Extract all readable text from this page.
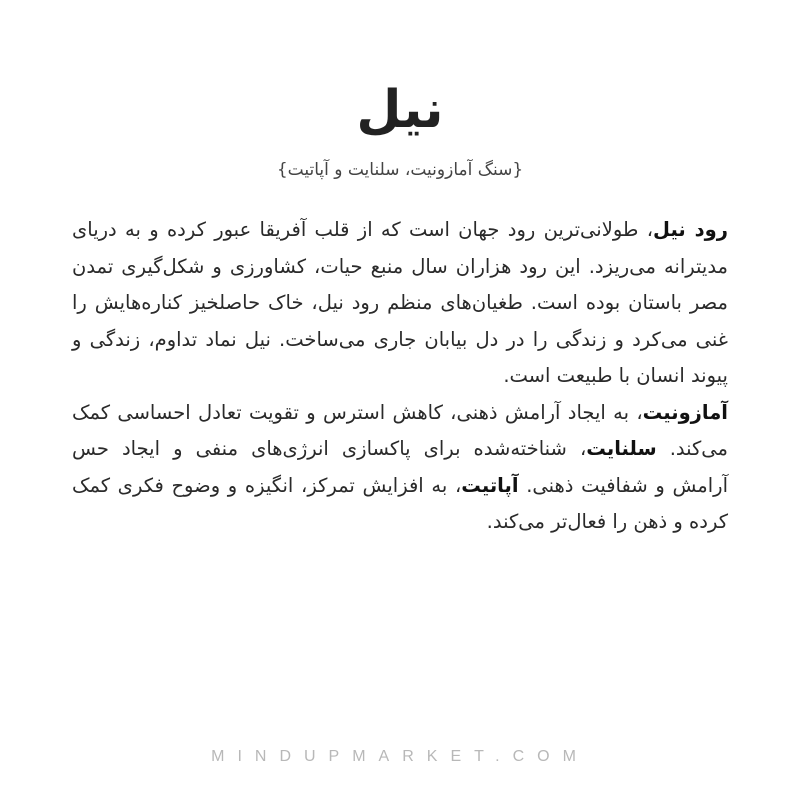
نیل
{سنگ آمازونیت، سلنایت و آپاتیت}

رود نیل، طولانی‌ترین رود جهان است که از قلب آفریقا عبور کرده و به دریای مدیترانه می‌ریزد. این رود هزاران سال منبع حیات، کشاورزی و شکل‌گیری تمدن مصر باستان بوده است. طغیان‌های منظم رود نیل، خاک حاصلخیز کناره‌هایش را غنی می‌کرد و زندگی را در دل بیابان جاری می‌ساخت. نیل نماد تداوم، زندگی و پیوند انسان با طبیعت است.

آمازونیت، به ایجاد آرامش ذهنی، کاهش استرس و تقویت تعادل احساسی کمک می‌کند. سلنایت، شناخته‌شده برای پاکسازی انرژی‌های منفی و ایجاد حس آرامش و شفافیت ذهنی. آپاتیت، به افزایش تمرکز، انگیزه و وضوح فکری کمک کرده و ذهن را فعال‌تر می‌کند.

MINDUPMARKET.COM
